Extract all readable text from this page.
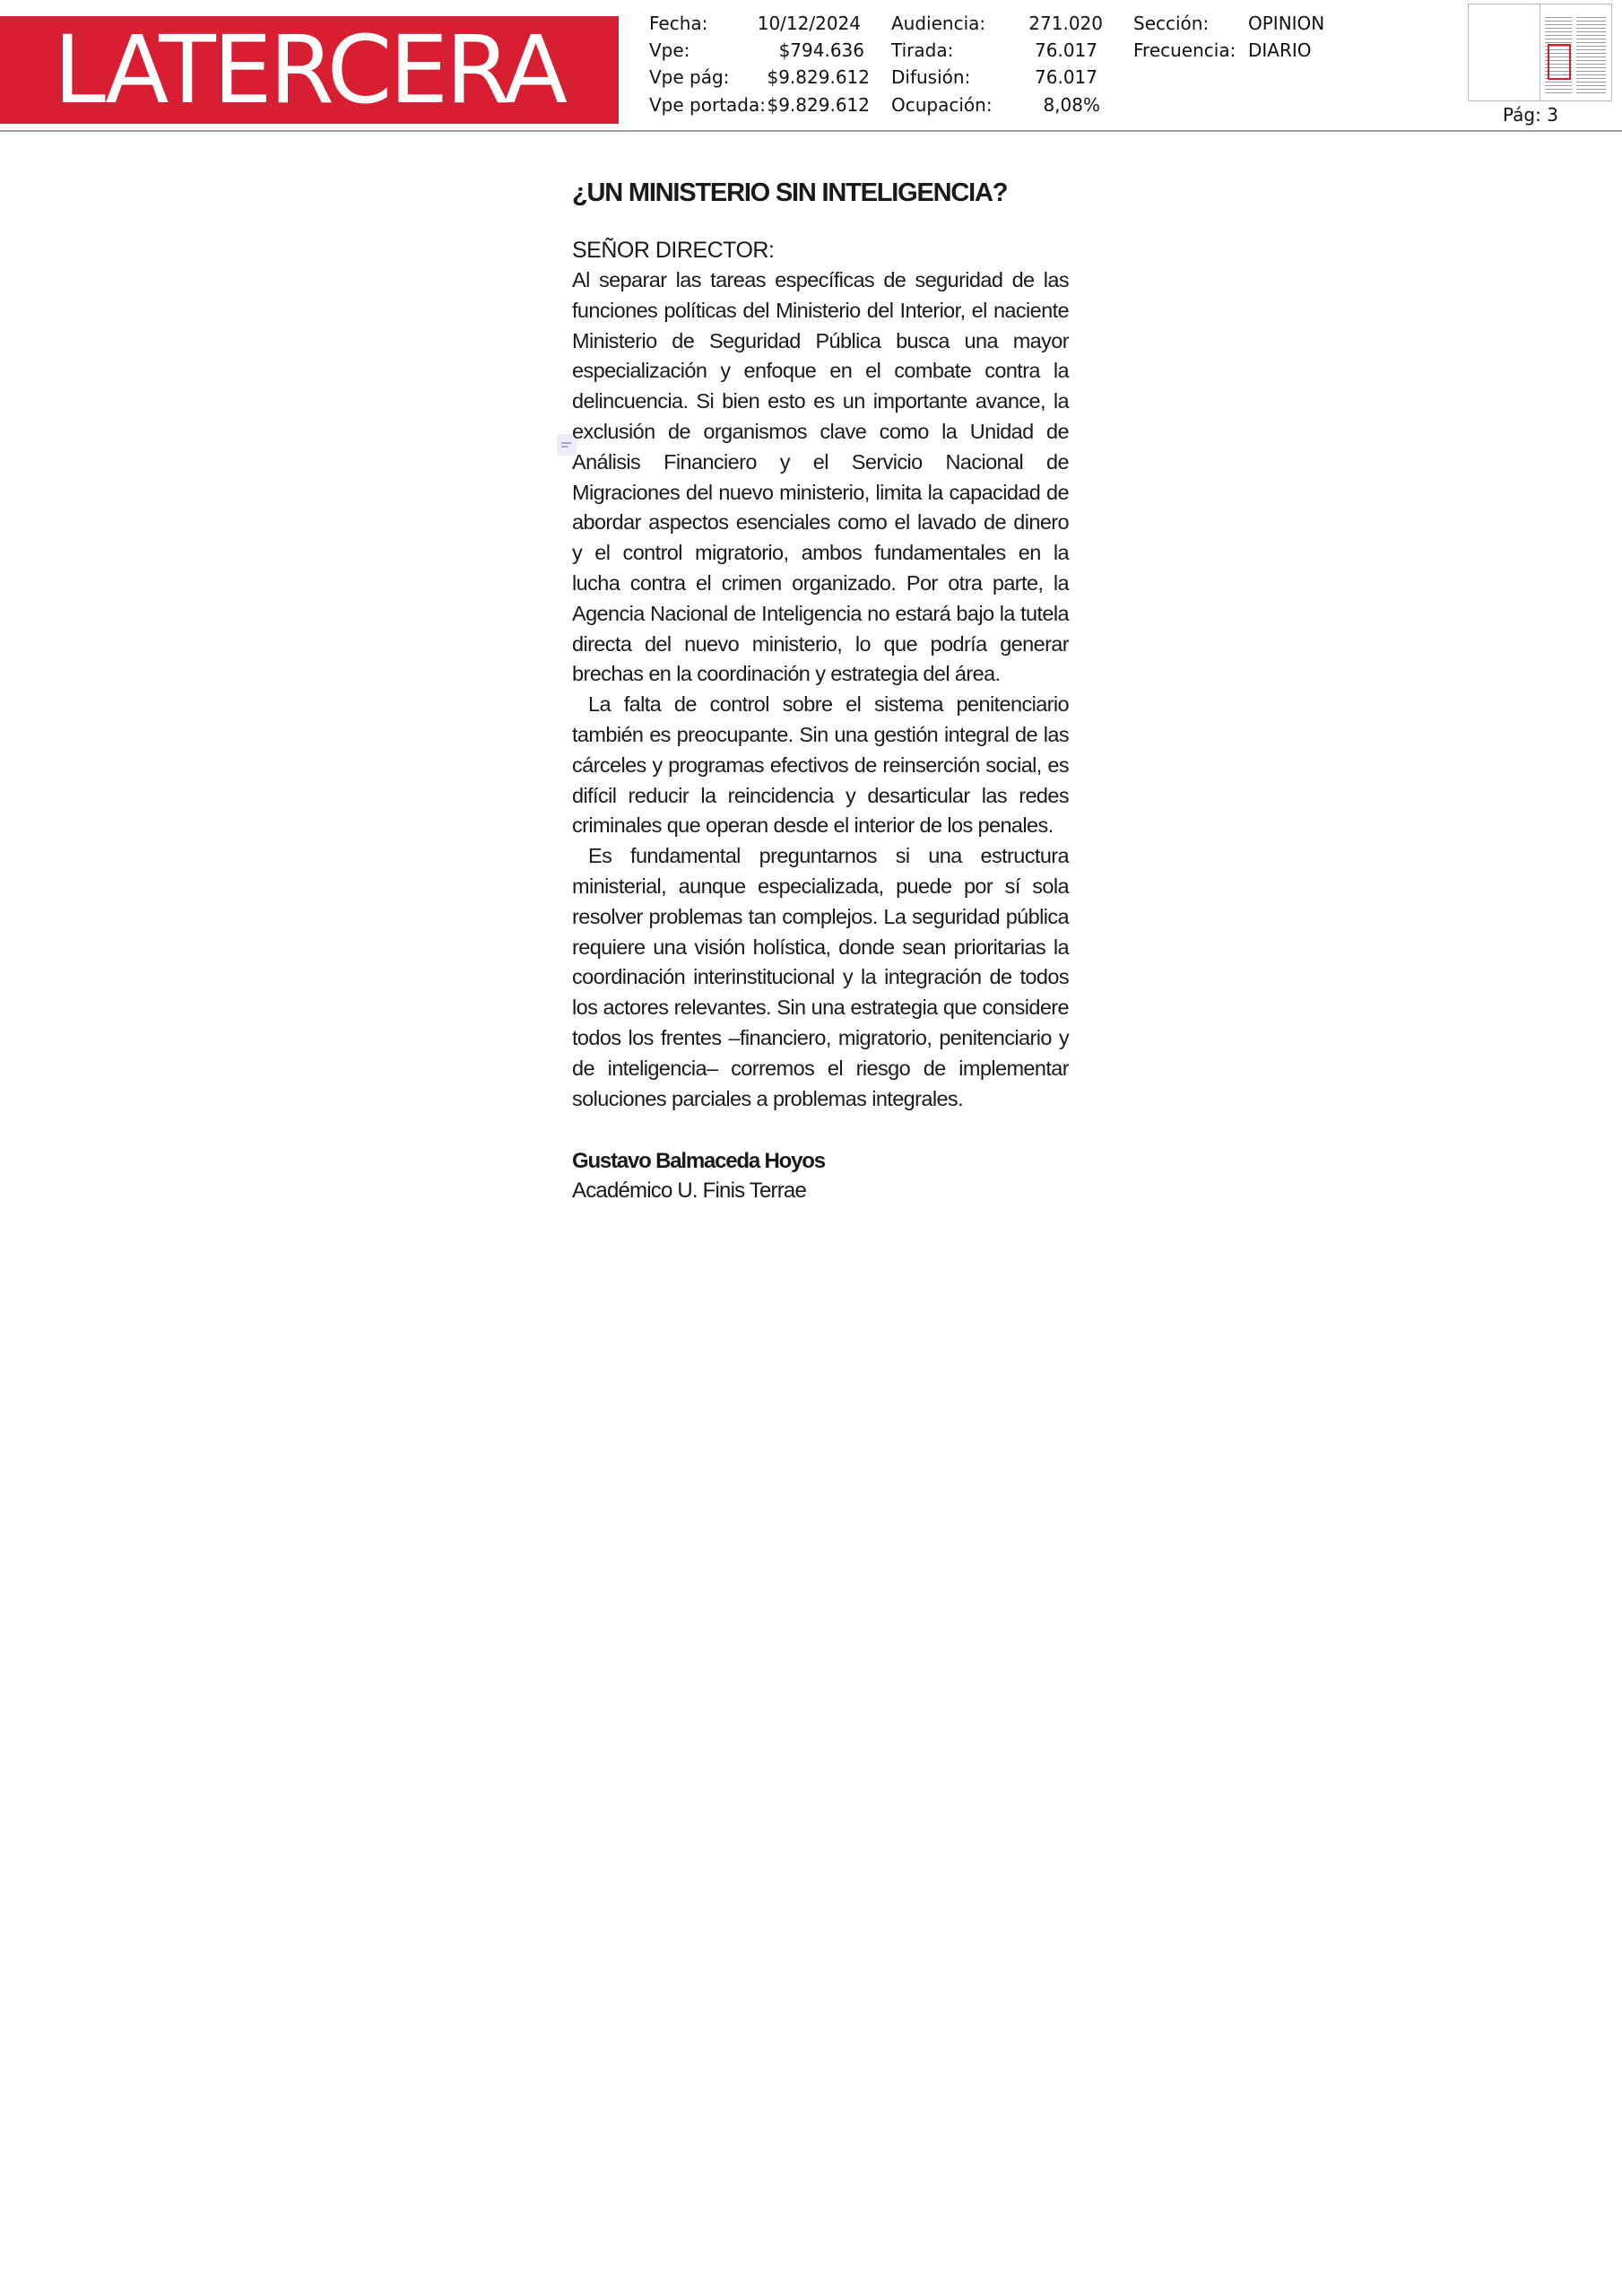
LATERCERA	Fecha:	10/12/2024
Vpe:	$794.636
Vpe pág:	$9.829.612
Vpe portada: $9.829.612
Audiencia:	271.020
Tirada:	76.017
Difusión:	76.017
Ocupación:	8,08%
Sección: OPINION
Frecuencia: DIARIO
Pág: 3
¿UN MINISTERIO SIN INTELIGENCIA?
SEÑOR DIRECTOR:

Al separar las tareas específicas de seguridad de las funciones políticas del Ministerio del Interior, el naciente Ministerio de Seguridad Pública busca una mayor especialización y enfoque en el combate contra la delincuencia. Si bien esto es un importante avance, la exclusión de organismos clave como la Unidad de Análisis Financiero y el Servicio Nacional de Migraciones del nuevo ministerio, limita la capacidad de abordar aspectos esenciales como el lavado de dinero y el control migratorio, ambos fundamentales en la lucha contra el crimen organizado. Por otra parte, la Agencia Nacional de Inteligencia no estará bajo la tutela directa del nuevo ministerio, lo que podría generar brechas en la coordinación y estrategia del área.

La falta de control sobre el sistema penitenciario también es preocupante. Sin una gestión integral de las cárceles y programas efectivos de reinserción social, es difícil reducir la reincidencia y desarticular las redes criminales que operan desde el interior de los penales.

Es fundamental preguntarnos si una estructura ministerial, aunque especializada, puede por sí sola resolver problemas tan complejos. La seguridad pública requiere una visión holística, donde sean prioritarias la coordinación interinstitucional y la integración de todos los actores relevantes. Sin una estrategia que considere todos los frentes –financiero, migratorio, penitenciario y de inteligencia– corremos el riesgo de implementar soluciones parciales a problemas integrales.

Gustavo Balmaceda Hoyos
Académico U. Finis Terrae
